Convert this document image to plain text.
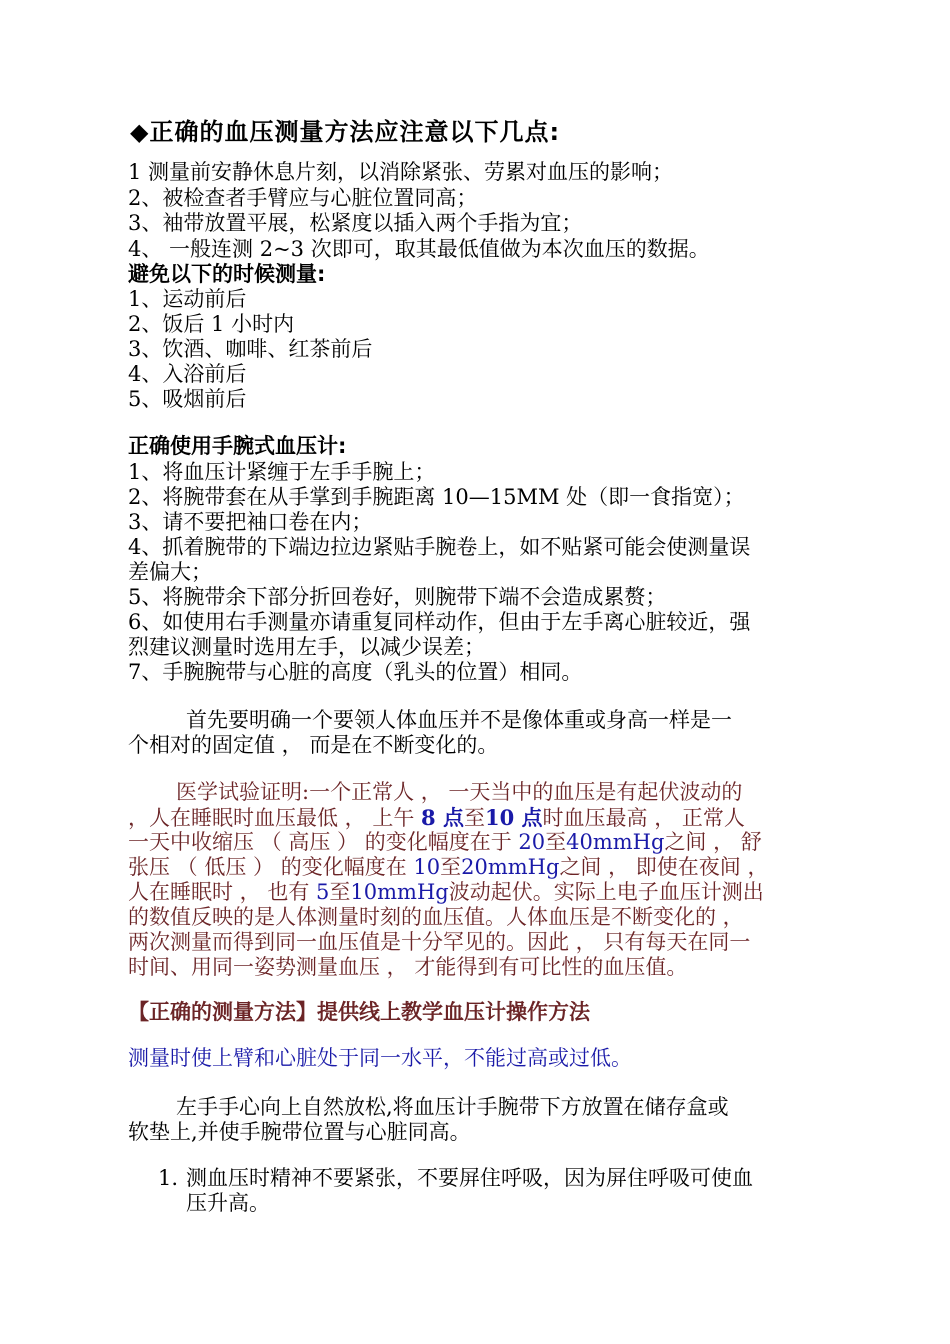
◆正确的血压测量方法应注意以下几点:
1 测量前安静休息片刻，以消除紧张、劳累对血压的影响；
2、被检查者手臂应与心脏位置同高；
3、袖带放置平展，松紧度以插入两个手指为宜；
4、 一般连测 2~3 次即可，取其最低值做为本次血压的数据。
避免以下的时候测量:
1、运动前后
2、饭后 1 小时内
3、饮酒、咖啡、红茶前后
4、入浴前后
5、吸烟前后
正确使用手腕式血压计:
1、将血压计紧缠于左手手腕上；
2、将腕带套在从手掌到手腕距离 10—15MM 处（即一食指宽）；
3、请不要把袖口卷在内；
4、抓着腕带的下端边拉边紧贴手腕卷上，如不贴紧可能会使测量误
差偏大；
5、将腕带余下部分折回卷好，则腕带下端不会造成累赘；
6、如使用右手测量亦请重复同样动作，但由于左手离心脏较近，强
烈建议测量时选用左手，以减少误差；
7、手腕腕带与心脏的高度（乳头的位置）相同。
首先要明确一个要领人体血压并不是像体重或身高一样是一
个相对的固定值 ， 而是在不断变化的。
医学试验证明:一个正常人 ， 一天当中的血压是有起伏波动的
，人在睡眠时血压最低 ， 上午 8 点至10 点时血压最高 ， 正常人
一天中收缩压 （ 高压 ） 的变化幅度在于 20至40mmHg之间 ， 舒
张压 （ 低压 ） 的变化幅度在 10至20mmHg之间 ， 即使在夜间 ，
人在睡眠时 ， 也有 5至10mmHg波动起伏。实际上电子血压计测出
的数值反映的是人体测量时刻的血压值。人体血压是不断变化的 ，
两次测量而得到同一血压值是十分罕见的。因此 ， 只有每天在同一
时间、用同一姿势测量血压 ， 才能得到有可比性的血压值。
【正确的测量方法】提供线上教学血压计操作方法
测量时使上臂和心脏处于同一水平，不能过高或过低。
左手手心向上自然放松,将血压计手腕带下方放置在储存盒或
软垫上,并使手腕带位置与心脏同高。
1. 测血压时精神不要紧张，不要屏住呼吸，因为屏住呼吸可使血
压升高。
